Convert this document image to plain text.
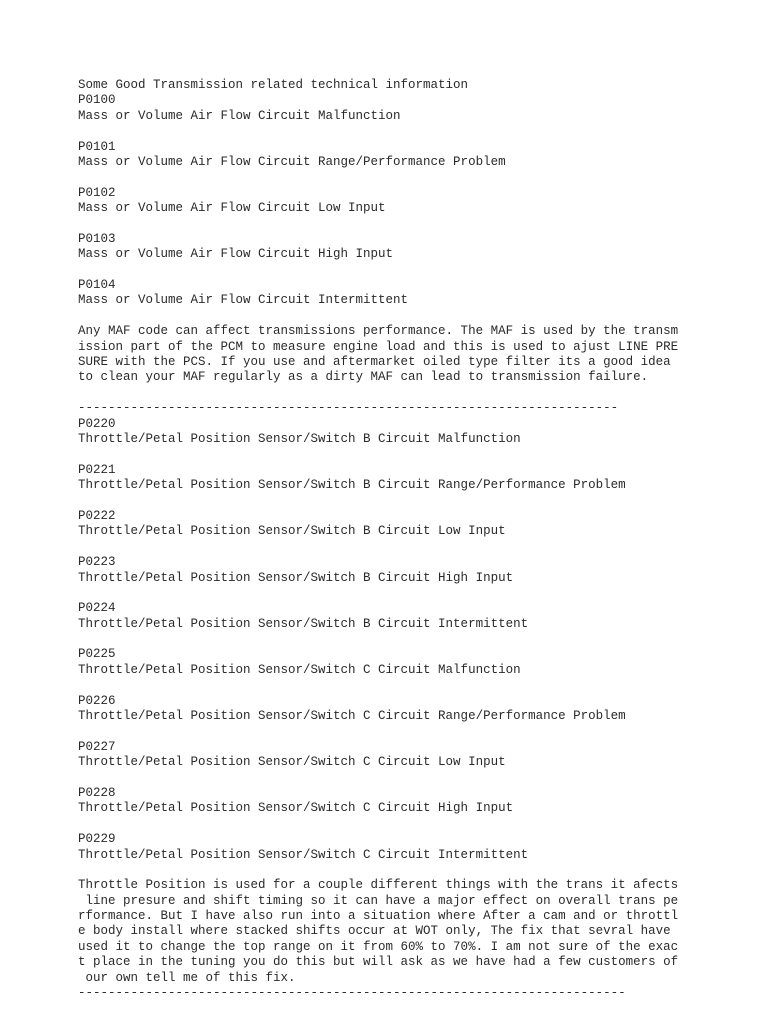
Some Good Transmission related technical information
P0100
Mass or Volume Air Flow Circuit Malfunction
P0101
Mass or Volume Air Flow Circuit Range/Performance Problem
P0102
Mass or Volume Air Flow Circuit Low Input
P0103
Mass or Volume Air Flow Circuit High Input
P0104
Mass or Volume Air Flow Circuit Intermittent
Any MAF code can affect transmissions performance. The MAF is used by the transm
ission part of the PCM to measure engine load and this is used to ajust LINE PRE
SURE with the PCS. If you use and aftermarket oiled type filter its a good idea
to clean your MAF regularly as a dirty MAF can lead to transmission failure.
------------------------------------------------------------------------
P0220
Throttle/Petal Position Sensor/Switch B Circuit Malfunction
P0221
Throttle/Petal Position Sensor/Switch B Circuit Range/Performance Problem
P0222
Throttle/Petal Position Sensor/Switch B Circuit Low Input
P0223
Throttle/Petal Position Sensor/Switch B Circuit High Input
P0224
Throttle/Petal Position Sensor/Switch B Circuit Intermittent
P0225
Throttle/Petal Position Sensor/Switch C Circuit Malfunction
P0226
Throttle/Petal Position Sensor/Switch C Circuit Range/Performance Problem
P0227
Throttle/Petal Position Sensor/Switch C Circuit Low Input
P0228
Throttle/Petal Position Sensor/Switch C Circuit High Input
P0229
Throttle/Petal Position Sensor/Switch C Circuit Intermittent
Throttle Position is used for a couple different things with the trans it afects
line presure and shift timing so it can have a major effect on overall trans pe
rformance. But I have also run into a situation where After a cam and or throttl
e body install where stacked shifts occur at WOT only, The fix that sevral have
used it to change the top range on it from 60% to 70%. I am not sure of the exac
t place in the tuning you do this but will ask as we have had a few customers of
our own tell me of this fix.
-------------------------------------------------------------------------
